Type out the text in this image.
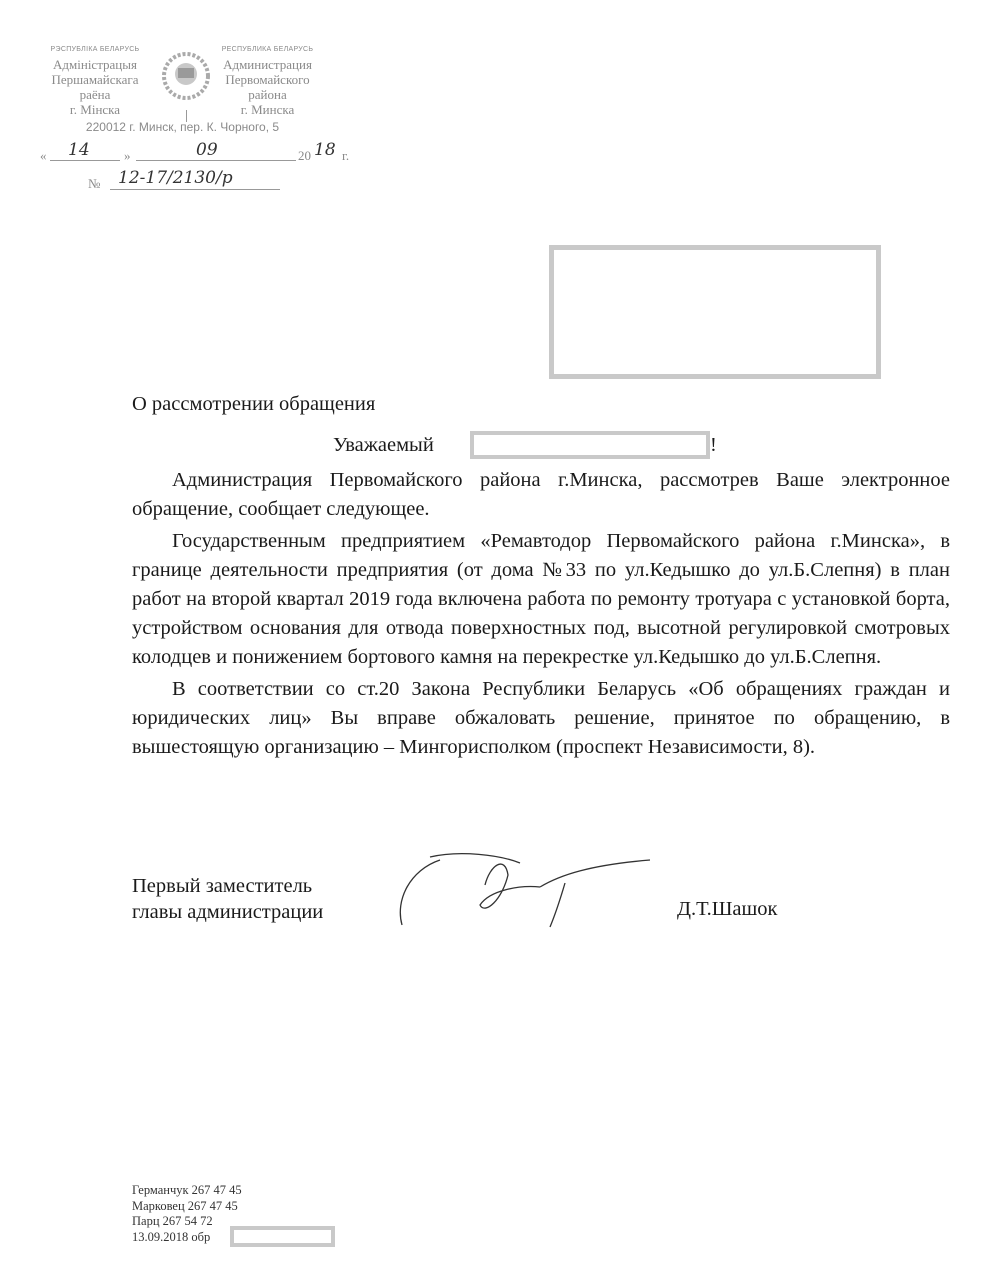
РЭСПУБЛІКА БЕЛАРУСЬ
Адміністрацыя
Першамайскага
раёна
г. Мінска
РЕСПУБЛИКА БЕЛАРУСЬ
Администрация
Первомайского
района
г. Минска
220012 г. Минск, пер. К. Чорного, 5
« 14	»	09	20 18 г.
№ 12-17/2130/р
О рассмотрении обращения
Уважаемый	!

Администрация Первомайского района г.Минска, рассмотрев Ваше электронное обращение, сообщает следующее.

Государственным предприятием «Ремавтодор Первомайского района г.Минска», в границе деятельности предприятия (от дома №33 по ул.Кедышко до ул.Б.Слепня) в план работ на второй квартал 2019 года включена работа по ремонту тротуара с установкой борта, устройством основания для отвода поверхностных под, высотной регулировкой смотровых колодцев и понижением бортового камня на перекрестке ул.Кедышко до ул.Б.Слепня.

В соответствии со ст.20 Закона Республики Беларусь «Об обращениях граждан и юридических лиц» Вы вправе обжаловать решение, принятое по обращению, в вышестоящую организацию – Мингорисполком (проспект Независимости, 8).

Первый заместитель
главы администрации	Д.Т.Шашок
Германчук 267 47 45
Марковец 267 47 45
Парц 267 54 72
13.09.2018 обр
